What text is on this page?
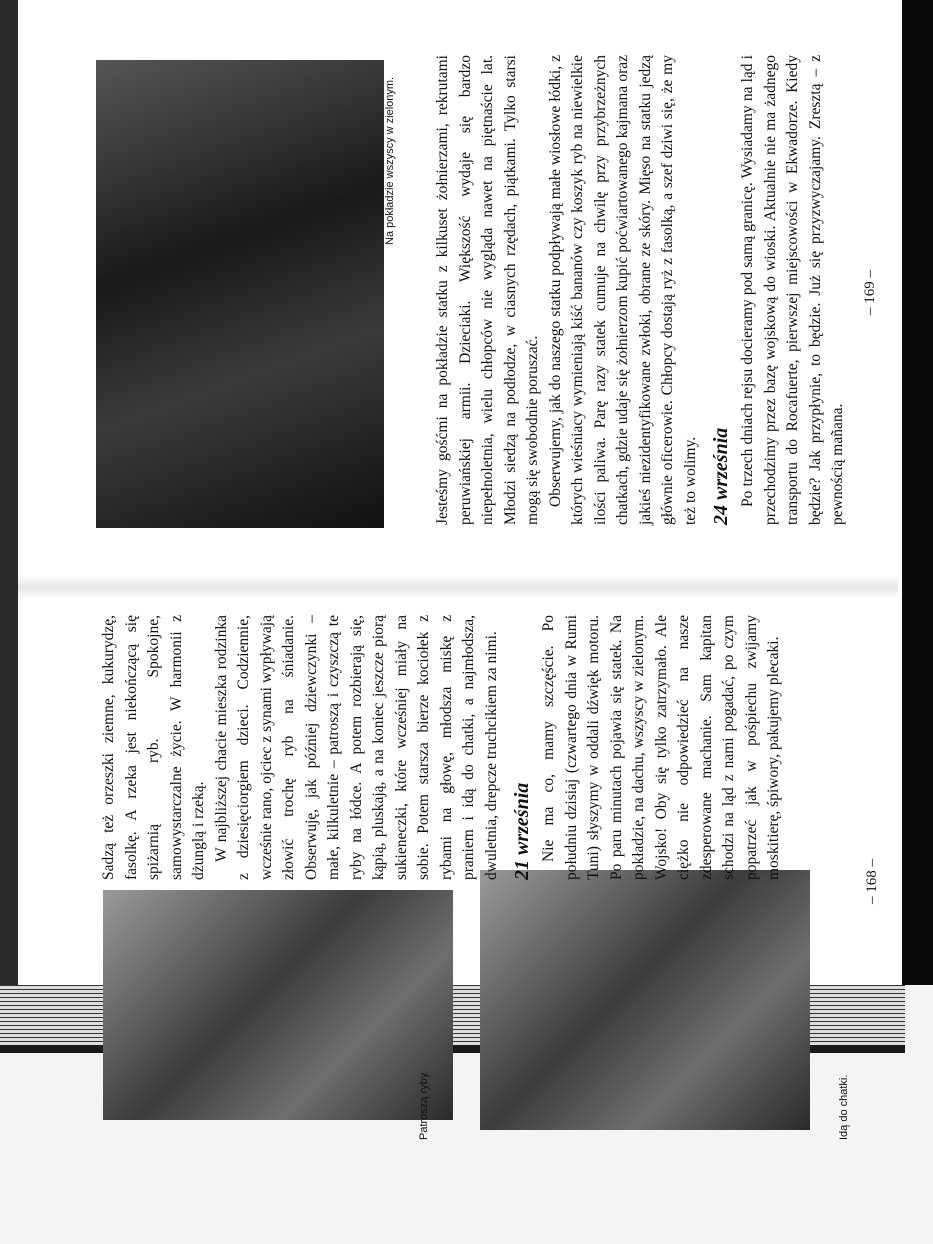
Patroszą ryby.	Idą do chatki.

Sadzą też orzeszki ziemne, kukurydzę, fasolkę. A rzeka jest niekończącą się spiżarnią ryb. Spokojne, samowystarczalne życie. W harmonii z dżunglą i rzeką. W najbliższej chacie mieszka rodzinka z dziesięciorgiem dzieci. Codziennie, wcześnie rano, ojciec z synami wypływają złowić trochę ryb na śniadanie. Obserwuję, jak później dziewczynki – małe, kilkuletnie – patroszą i czyszczą te ryby na łódce. A potem rozbierają się, kąpią, pluskają, a na koniec jeszcze piorą sukieneczki, które wcześniej miały na sobie. Potem starsza bierze kociołek z rybami na głowę, młodsza miskę z praniem i idą do chatki, a najmłodsza, dwuletnia, drepcze truchcikiem za nimi. 21 września Nie ma co, mamy szczęście. Po południu dzisiaj (czwartego dnia w Rumi Tuni) słyszymy w oddali dźwięk motoru. Po paru minutach pojawia się statek. Na pokładzie, na dachu, wszyscy w zielonym. Wojsko! Oby się tylko zatrzymało. Ale ciężko nie odpowiedzieć na nasze zdesperowane machanie. Sam kapitan schodzi na ląd z nami pogadać, po czym popatrzeć jak w pośpiechu zwijamy moskitierę, śpiwory, pakujemy plecaki.

– 168 –
Na pokładzie wszyscy w zielonym. Jesteśmy gośćmi na pokładzie statku z kilkuset żołnierzami, rekrutami peruwiańskiej armii. Dzieciaki. Większość wydaje się bardzo niepełnoletnia, wielu chłopców nie wygląda nawet na piętnaście lat. Młodzi siedzą na podłodze, w ciasnych rzędach, piątkami. Tylko starsi mogą się swobodnie poruszać. Obserwujemy, jak do naszego statku podpływają małe wiosłowe łódki, z których wieśniacy wymieniają kiść bananów czy koszyk ryb na niewielkie ilości paliwa. Parę razy statek cumuje na chwilę przy przybrzeżnych chatkach, gdzie udaje się żołnierzom kupić poćwiartowanego kajmana oraz jakieś niezidentyfikowane zwłoki, obrane ze skóry. Mięso na statku jedzą głównie oficerowie. Chłopcy dostają ryż z fasolką, a szef dziwi się, że my też to wolimy. 24 września Po trzech dniach rejsu docieramy pod samą granicę. Wysiadamy na ląd i przechodzimy przez bazę wojskową do wioski. Aktualnie nie ma żadnego transportu do Rocafuerte, pierwszej miejscowości w Ekwadorze. Kiedy będzie? Jak przypłynie, to będzie. Już się przyzwyczajamy. Zresztą – z pewnością mañana.

– 169 –
